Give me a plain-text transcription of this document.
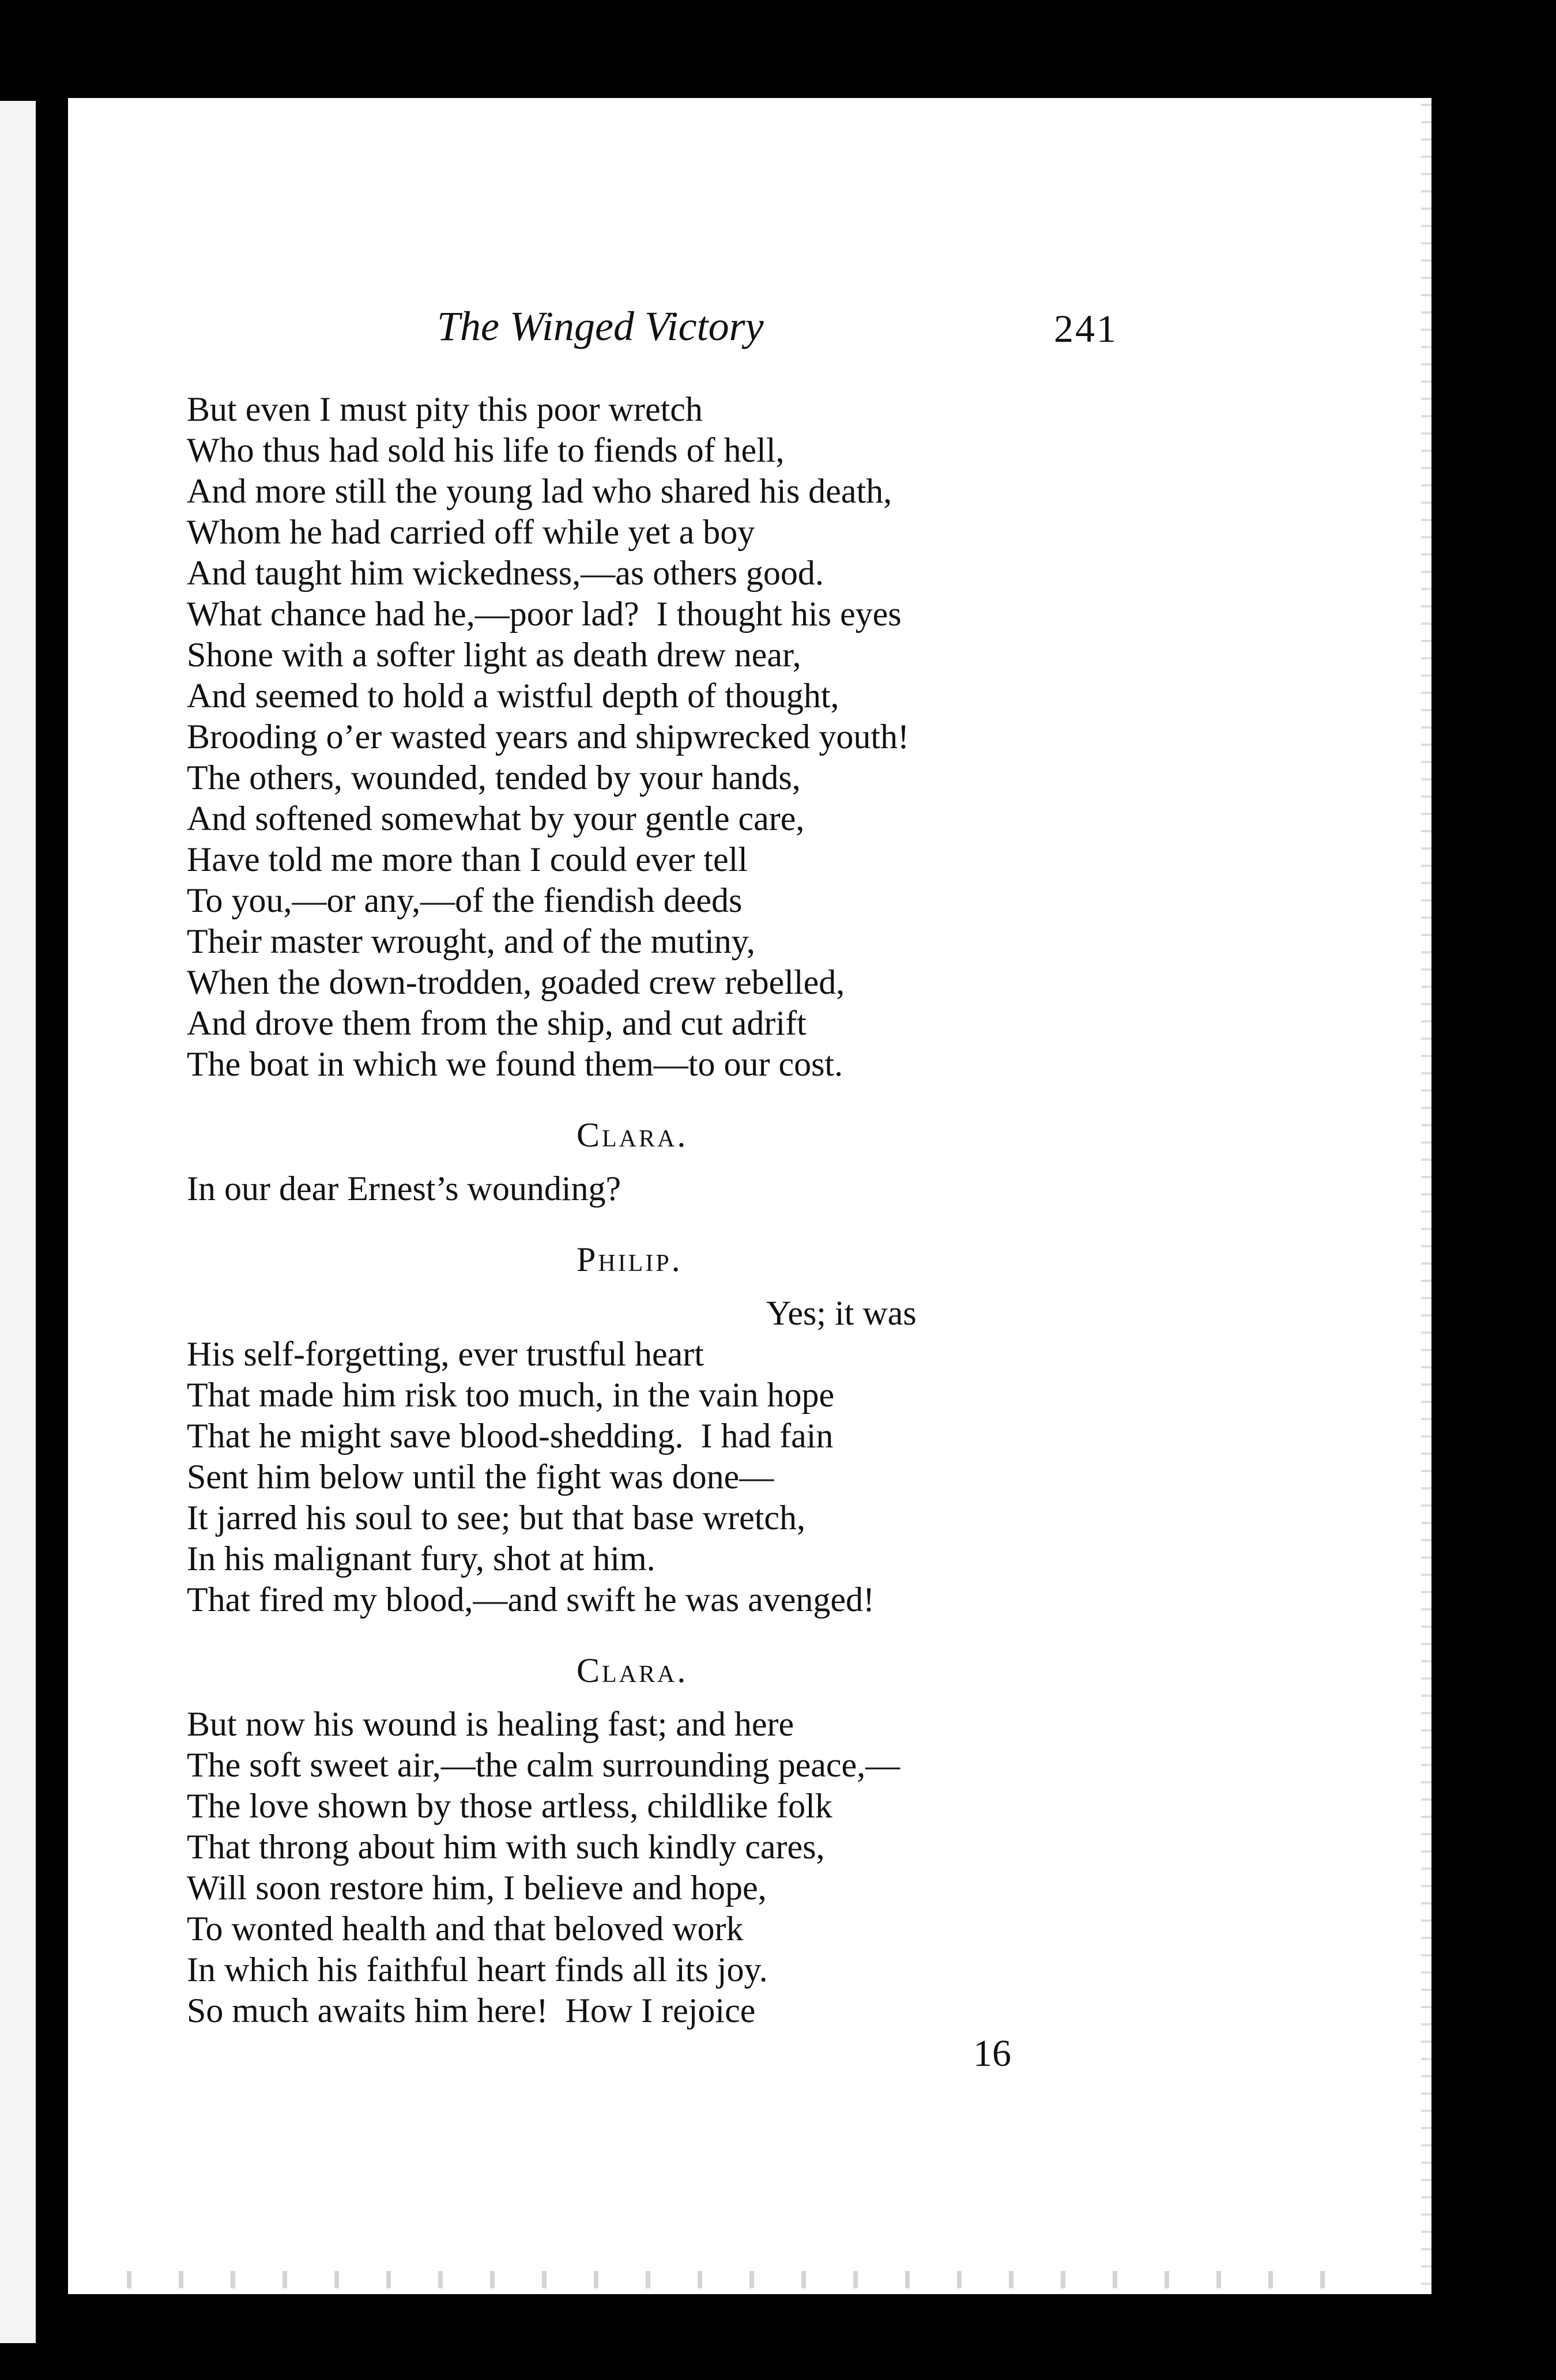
The Winged Victory	241
But even I must pity this poor wretch
Who thus had sold his life to fiends of hell,
And more still the young lad who shared his death,
Whom he had carried off while yet a boy
And taught him wickedness,—as others good.
What chance had he,—poor lad?  I thought his eyes
Shone with a softer light as death drew near,
And seemed to hold a wistful depth of thought,
Brooding o’er wasted years and shipwrecked youth!
The others, wounded, tended by your hands,
And softened somewhat by your gentle care,
Have told me more than I could ever tell
To you,—or any,—of the fiendish deeds
Their master wrought, and of the mutiny,
When the down-trodden, goaded crew rebelled,
And drove them from the ship, and cut adrift
The boat in which we found them—to our cost.
Clara.
In our dear Ernest’s wounding?
Philip.
Yes; it was
His self-forgetting, ever trustful heart
That made him risk too much, in the vain hope
That he might save blood-shedding.  I had fain
Sent him below until the fight was done—
It jarred his soul to see; but that base wretch,
In his malignant fury, shot at him.
That fired my blood,—and swift he was avenged!
Clara.
But now his wound is healing fast; and here
The soft sweet air,—the calm surrounding peace,—
The love shown by those artless, childlike folk
That throng about him with such kindly cares,
Will soon restore him, I believe and hope,
To wonted health and that beloved work
In which his faithful heart finds all its joy.
So much awaits him here!  How I rejoice
16
